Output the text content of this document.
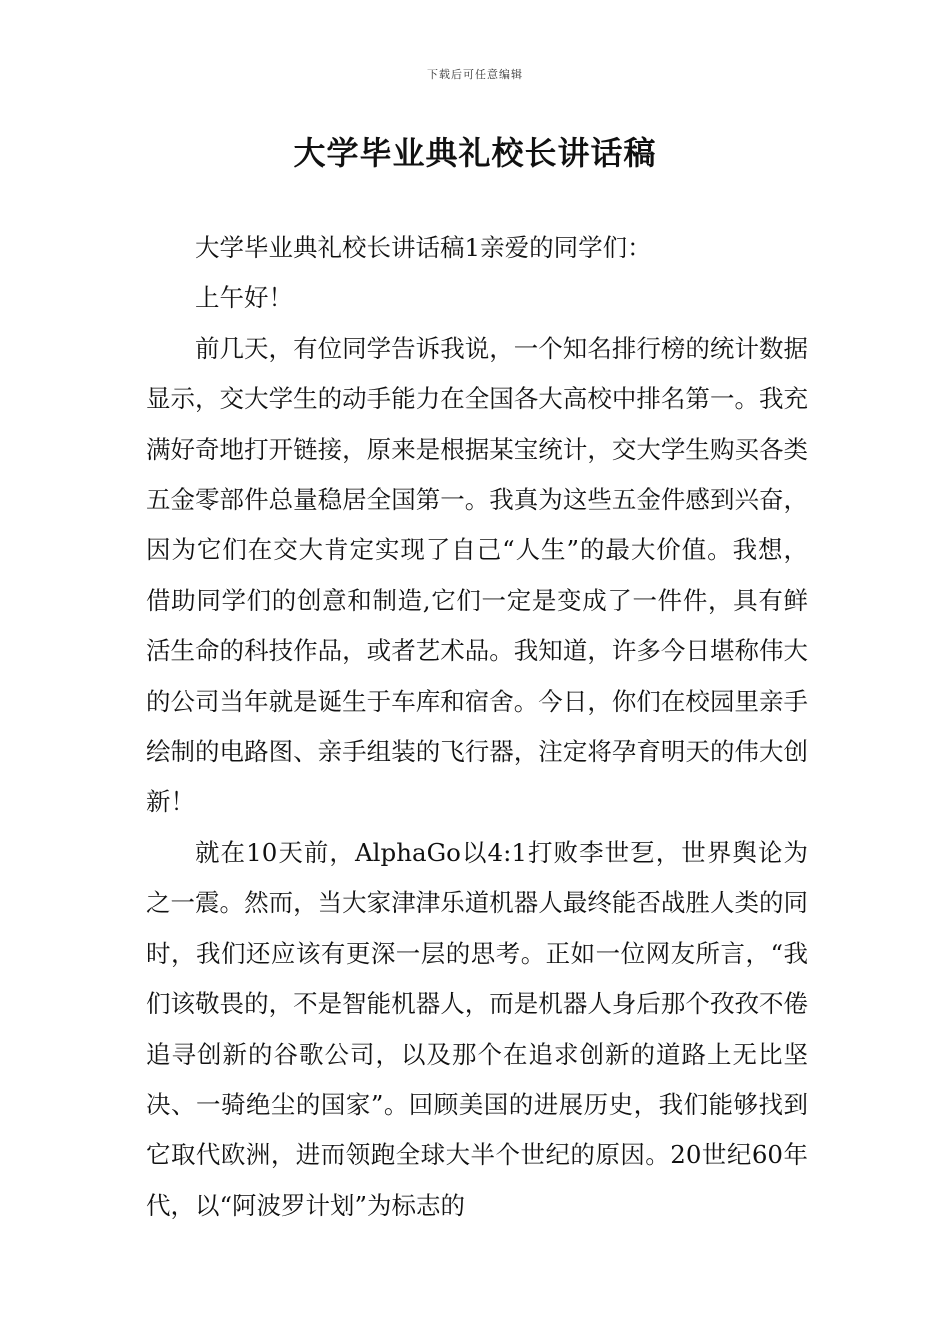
下载后可任意编辑
大学毕业典礼校长讲话稿

大学毕业典礼校长讲话稿1亲爱的同学们：

上午好！

前几天，有位同学告诉我说，一个知名排行榜的统计数据显示，交大学生的动手能力在全国各大高校中排名第一。我充满好奇地打开链接，原来是根据某宝统计，交大学生购买各类五金零部件总量稳居全国第一。我真为这些五金件感到兴奋，因为它们在交大肯定实现了自己“人生”的最大价值。我想，借助同学们的创意和制造,它们一定是变成了一件件，具有鲜活生命的科技作品，或者艺术品。我知道，许多今日堪称伟大的公司当年就是诞生于车库和宿舍。今日，你们在校园里亲手绘制的电路图、亲手组装的飞行器，注定将孕育明天的伟大创新！

就在10天前，AlphaGo以4:1打败李世乭，世界舆论为之一震。然而，当大家津津乐道机器人最终能否战胜人类的同时，我们还应该有更深一层的思考。正如一位网友所言，“我们该敬畏的，不是智能机器人，而是机器人身后那个孜孜不倦追寻创新的谷歌公司，以及那个在追求创新的道路上无比坚决、一骑绝尘的国家”。回顾美国的进展历史，我们能够找到它取代欧洲，进而领跑全球大半个世纪的原因。20世纪60年代，以“阿波罗计划”为标志的
